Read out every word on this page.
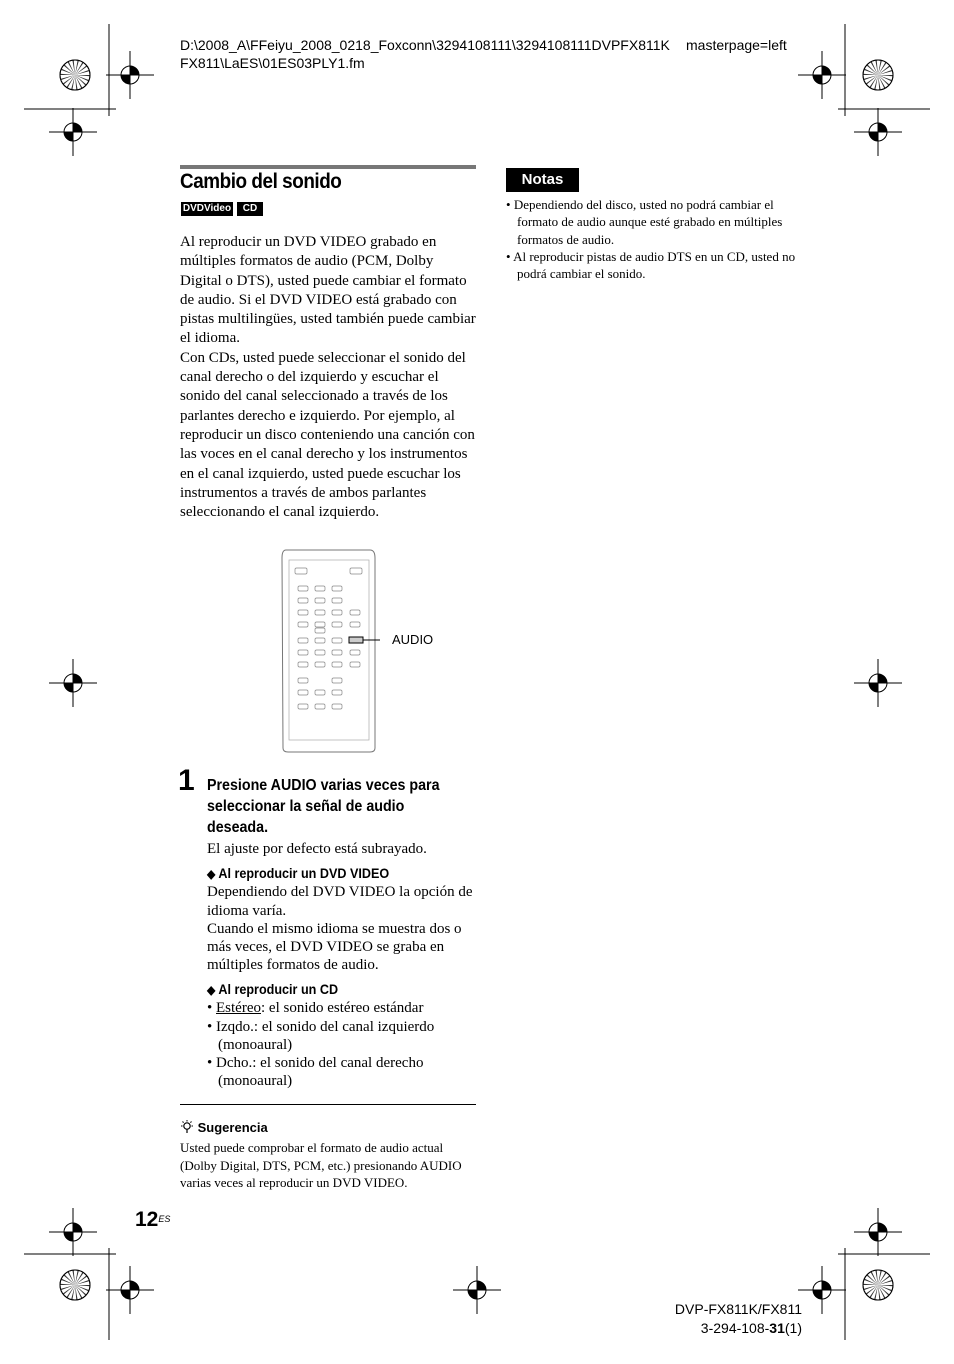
D:\2008_A\FFeiyu_2008_0218_Foxconn\3294108111\3294108111DVPFX811K
FX811\LaES\01ES03PLY1.fm
masterpage=left
Cambio del sonido
DVDVideo	CD

Al reproducir un DVD VIDEO grabado en múltiples formatos de audio (PCM, Dolby Digital o DTS), usted puede cambiar el formato de audio. Si el DVD VIDEO está grabado con pistas multilingües, usted también puede cambiar el idioma.

Con CDs, usted puede seleccionar el sonido del canal derecho o del izquierdo y escuchar el sonido del canal seleccionado a través de los parlantes derecho e izquierdo. Por ejemplo, al reproducir un disco conteniendo una canción con las voces en el canal derecho y los instrumentos en el canal izquierdo, usted puede escuchar los instrumentos a través de ambos parlantes seleccionando el canal izquierdo.

AUDIO
1 Presione AUDIO varias veces para seleccionar la señal de audio deseada.
El ajuste por defecto está subrayado.
◆ Al reproducir un DVD VIDEO
Dependiendo del DVD VIDEO la opción de idioma varía.
Cuando el mismo idioma se muestra dos o más veces, el DVD VIDEO se graba en múltiples formatos de audio.
◆ Al reproducir un CD
• Estéreo: el sonido estéreo estándar
• Izqdo.: el sonido del canal izquierdo (monoaural)
• Dcho.: el sonido del canal derecho (monoaural)
Sugerencia
Usted puede comprobar el formato de audio actual (Dolby Digital, DTS, PCM, etc.) presionando AUDIO varias veces al reproducir un DVD VIDEO.
Notas
• Dependiendo del disco, usted no podrá cambiar el formato de audio aunque esté grabado en múltiples formatos de audio.
• Al reproducir pistas de audio DTS en un CD, usted no podrá cambiar el sonido.
$12^{ES}$
DVP-FX811K/FX811
3-294-108-31(1)
